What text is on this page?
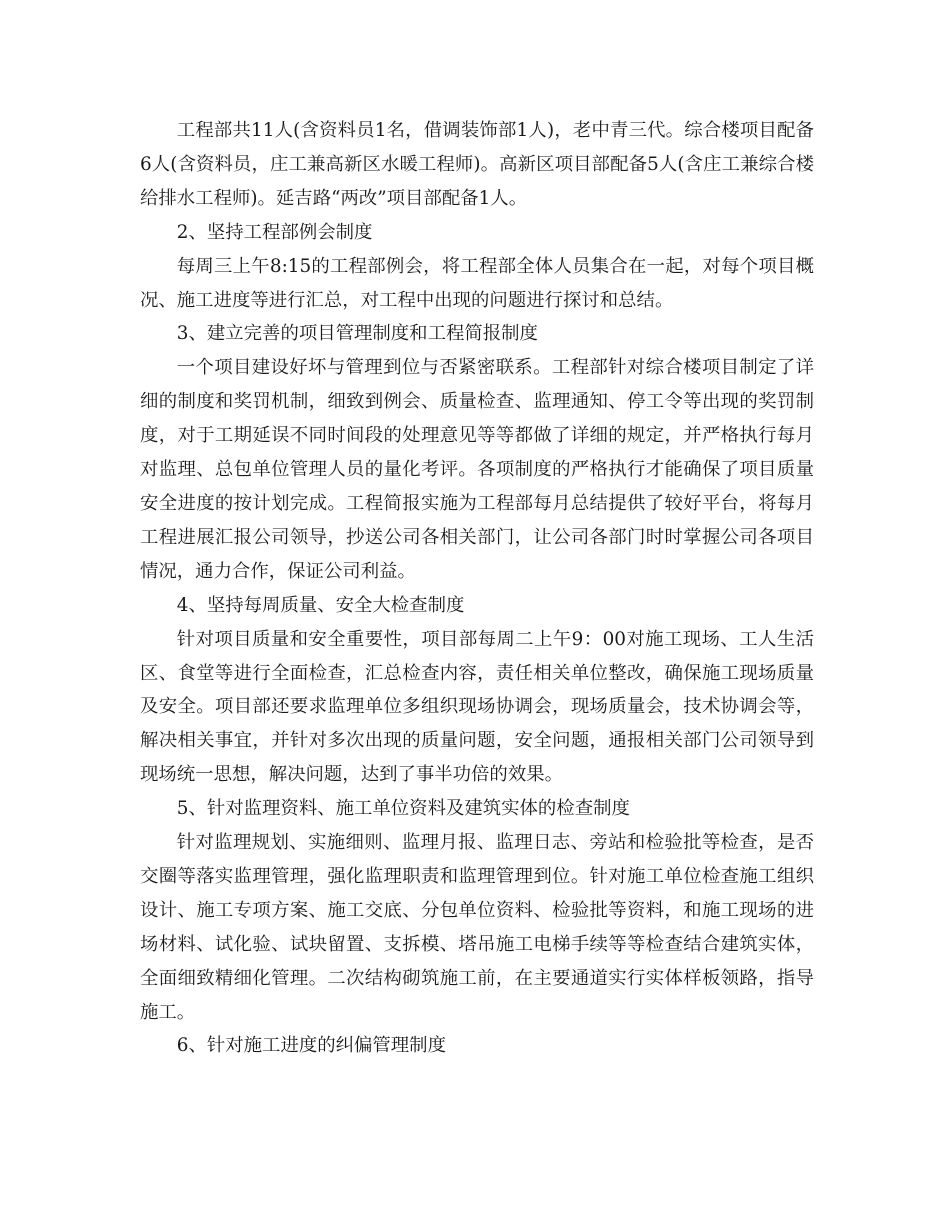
工程部共11人(含资料员1名，借调装饰部1人)，老中青三代。综合楼项目配备6人(含资料员，庄工兼高新区水暖工程师)。高新区项目部配备5人(含庄工兼综合楼给排水工程师)。延吉路“两改”项目部配备1人。

2、坚持工程部例会制度

每周三上午8:15的工程部例会，将工程部全体人员集合在一起，对每个项目概况、施工进度等进行汇总，对工程中出现的问题进行探讨和总结。

3、建立完善的项目管理制度和工程简报制度

一个项目建设好坏与管理到位与否紧密联系。工程部针对综合楼项目制定了详细的制度和奖罚机制，细致到例会、质量检查、监理通知、停工令等出现的奖罚制度，对于工期延误不同时间段的处理意见等等都做了详细的规定，并严格执行每月对监理、总包单位管理人员的量化考评。各项制度的严格执行才能确保了项目质量安全进度的按计划完成。工程简报实施为工程部每月总结提供了较好平台，将每月工程进展汇报公司领导，抄送公司各相关部门，让公司各部门时时掌握公司各项目情况，通力合作，保证公司利益。

4、坚持每周质量、安全大检查制度

针对项目质量和安全重要性，项目部每周二上午9：00对施工现场、工人生活区、食堂等进行全面检查，汇总检查内容，责任相关单位整改，确保施工现场质量及安全。项目部还要求监理单位多组织现场协调会，现场质量会，技术协调会等，解决相关事宜，并针对多次出现的质量问题，安全问题，通报相关部门公司领导到现场统一思想，解决问题，达到了事半功倍的效果。

5、针对监理资料、施工单位资料及建筑实体的检查制度

针对监理规划、实施细则、监理月报、监理日志、旁站和检验批等检查，是否交圈等落实监理管理，强化监理职责和监理管理到位。针对施工单位检查施工组织设计、施工专项方案、施工交底、分包单位资料、检验批等资料，和施工现场的进场材料、试化验、试块留置、支拆模、塔吊施工电梯手续等等检查结合建筑实体，全面细致精细化管理。二次结构砌筑施工前，在主要通道实行实体样板领路，指导施工。

6、针对施工进度的纠偏管理制度
